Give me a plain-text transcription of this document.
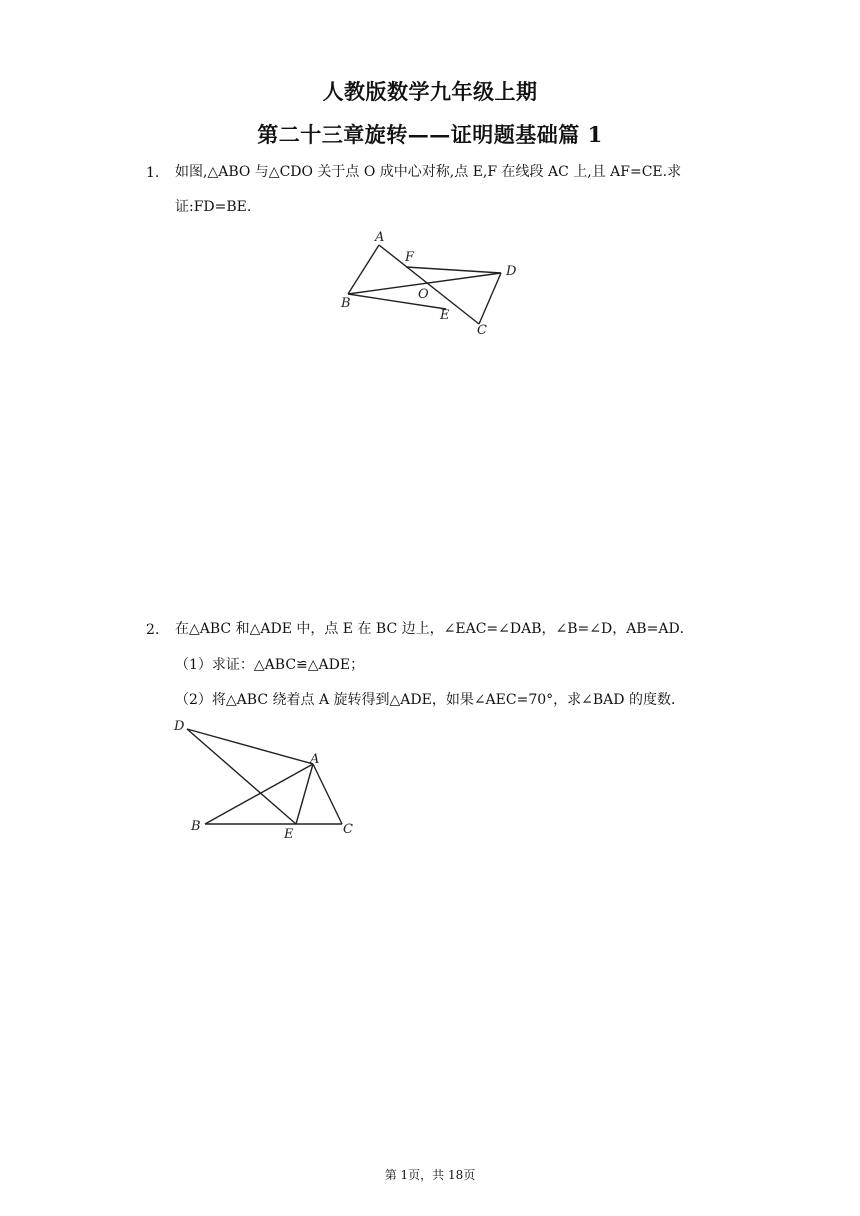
人教版数学九年级上期
第二十三章旋转——证明题基础篇 1
1. 如图,△ABO 与△CDO 关于点 O 成中心对称,点 E,F 在线段 AC 上,且 AF=CE.求
证:FD=BE.
A
F
D
O
B
E
C
2. 在△ABC 和△ADE 中，点 E 在 BC 边上，∠EAC=∠DAB，∠B=∠D，AB=AD．
（1）求证：△ABC≌△ADE；
（2）将△ABC 绕着点 A 旋转得到△ADE，如果∠AEC=70°，求∠BAD 的度数．
D
A
B
E	C
第 1页，共 18页
